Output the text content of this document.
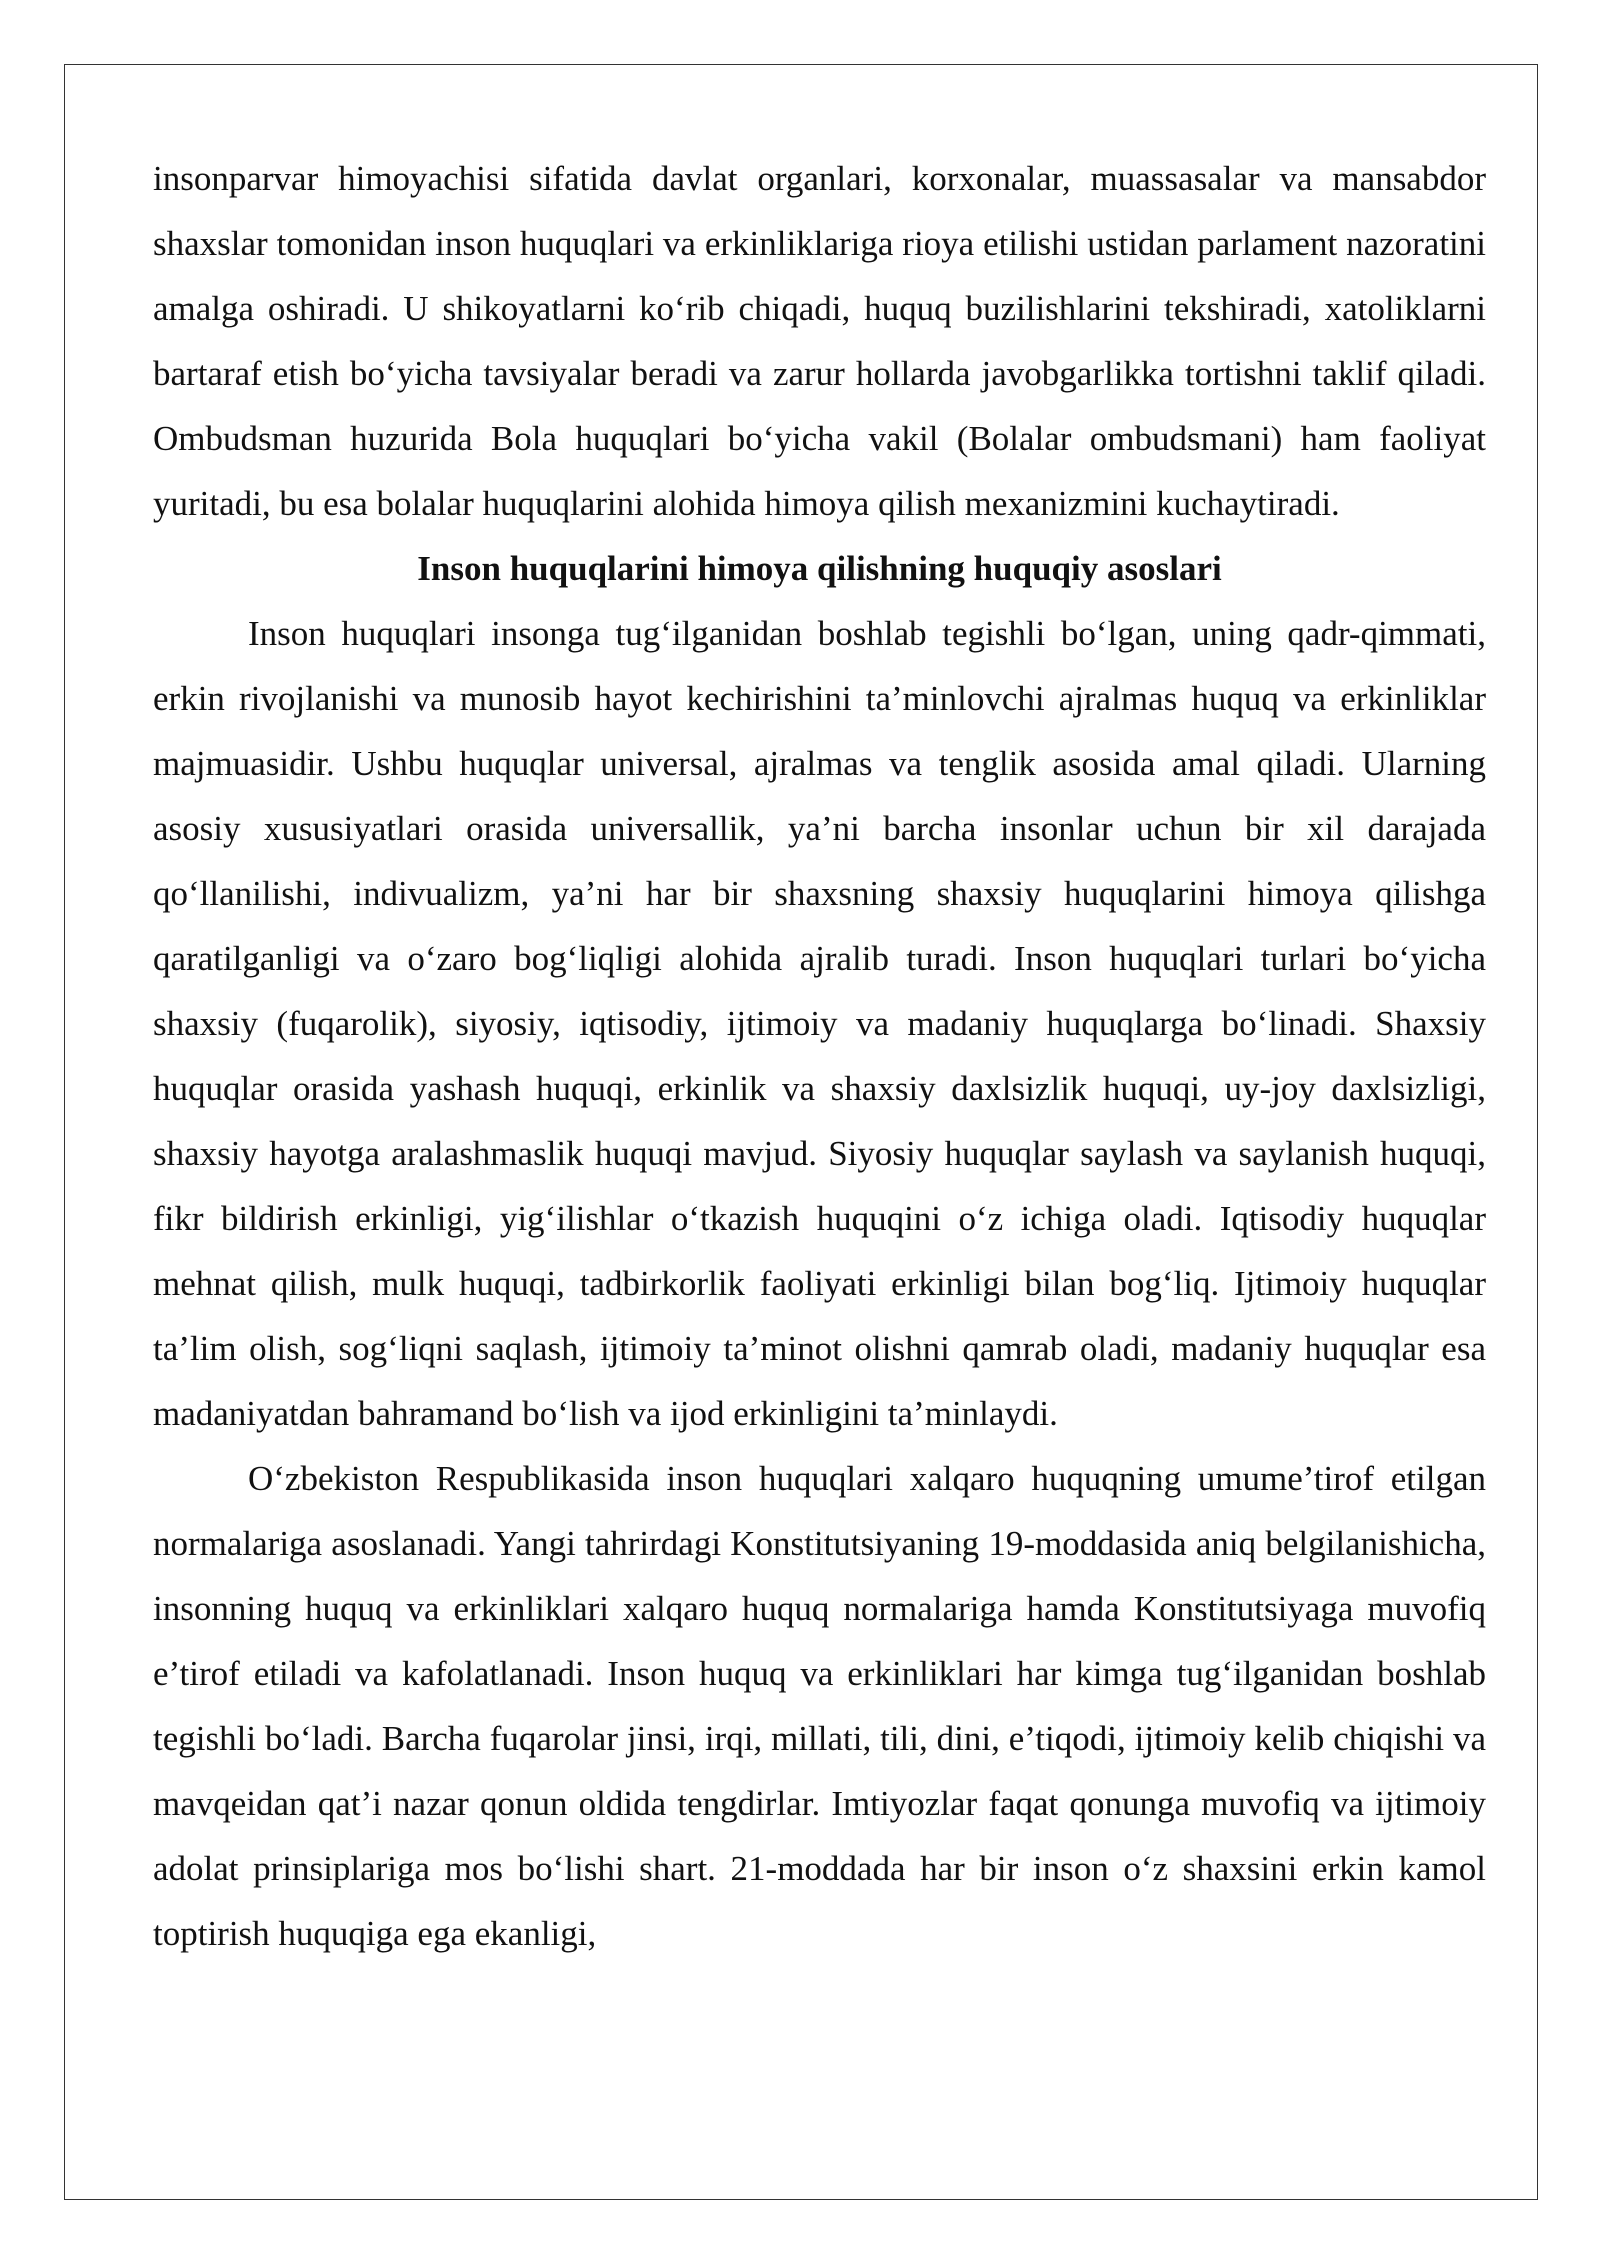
insonparvar himoyachisi sifatida davlat organlari, korxonalar, muassasalar va mansabdor shaxslar tomonidan inson huquqlari va erkinliklariga rioya etilishi ustidan parlament nazoratini amalga oshiradi. U shikoyatlarni ko‘rib chiqadi, huquq buzilishlarini tekshiradi, xatoliklarni bartaraf etish bo‘yicha tavsiyalar beradi va zarur hollarda javobgarlikka tortishni taklif qiladi. Ombudsman huzurida Bola huquqlari bo‘yicha vakil (Bolalar ombudsmani) ham faoliyat yuritadi, bu esa bolalar huquqlarini alohida himoya qilish mexanizmini kuchaytiradi.

Inson huquqlarini himoya qilishning huquqiy asoslari

Inson huquqlari insonga tug‘ilganidan boshlab tegishli bo‘lgan, uning qadr-qimmati, erkin rivojlanishi va munosib hayot kechirishini ta’minlovchi ajralmas huquq va erkinliklar majmuasidir. Ushbu huquqlar universal, ajralmas va tenglik asosida amal qiladi. Ularning asosiy xususiyatlari orasida universallik, ya’ni barcha insonlar uchun bir xil darajada qo‘llanilishi, indivualizm, ya’ni har bir shaxsning shaxsiy huquqlarini himoya qilishga qaratilganligi va o‘zaro bog‘liqligi alohida ajralib turadi. Inson huquqlari turlari bo‘yicha shaxsiy (fuqarolik), siyosiy, iqtisodiy, ijtimoiy va madaniy huquqlarga bo‘linadi. Shaxsiy huquqlar orasida yashash huquqi, erkinlik va shaxsiy daxlsizlik huquqi, uy-joy daxlsizligi, shaxsiy hayotga aralashmaslik huquqi mavjud. Siyosiy huquqlar saylash va saylanish huquqi, fikr bildirish erkinligi, yig‘ilishlar o‘tkazish huquqini o‘z ichiga oladi. Iqtisodiy huquqlar mehnat qilish, mulk huquqi, tadbirkorlik faoliyati erkinligi bilan bog‘liq. Ijtimoiy huquqlar ta’lim olish, sog‘liqni saqlash, ijtimoiy ta’minot olishni qamrab oladi, madaniy huquqlar esa madaniyatdan bahramand bo‘lish va ijod erkinligini ta’minlaydi.

O‘zbekiston Respublikasida inson huquqlari xalqaro huquqning umume’tirof etilgan normalariga asoslanadi. Yangi tahrirdagi Konstitutsiyaning 19-moddasida aniq belgilanishicha, insonning huquq va erkinliklari xalqaro huquq normalariga hamda Konstitutsiyaga muvofiq e’tirof etiladi va kafolatlanadi. Inson huquq va erkinliklari har kimga tug‘ilganidan boshlab tegishli bo‘ladi. Barcha fuqarolar jinsi, irqi, millati, tili, dini, e’tiqodi, ijtimoiy kelib chiqishi va mavqeidan qat’i nazar qonun oldida tengdirlar. Imtiyozlar faqat qonunga muvofiq va ijtimoiy adolat prinsiplariga mos bo‘lishi shart. 21-moddada har bir inson o‘z shaxsini erkin kamol toptirish huquqiga ega ekanligi,
